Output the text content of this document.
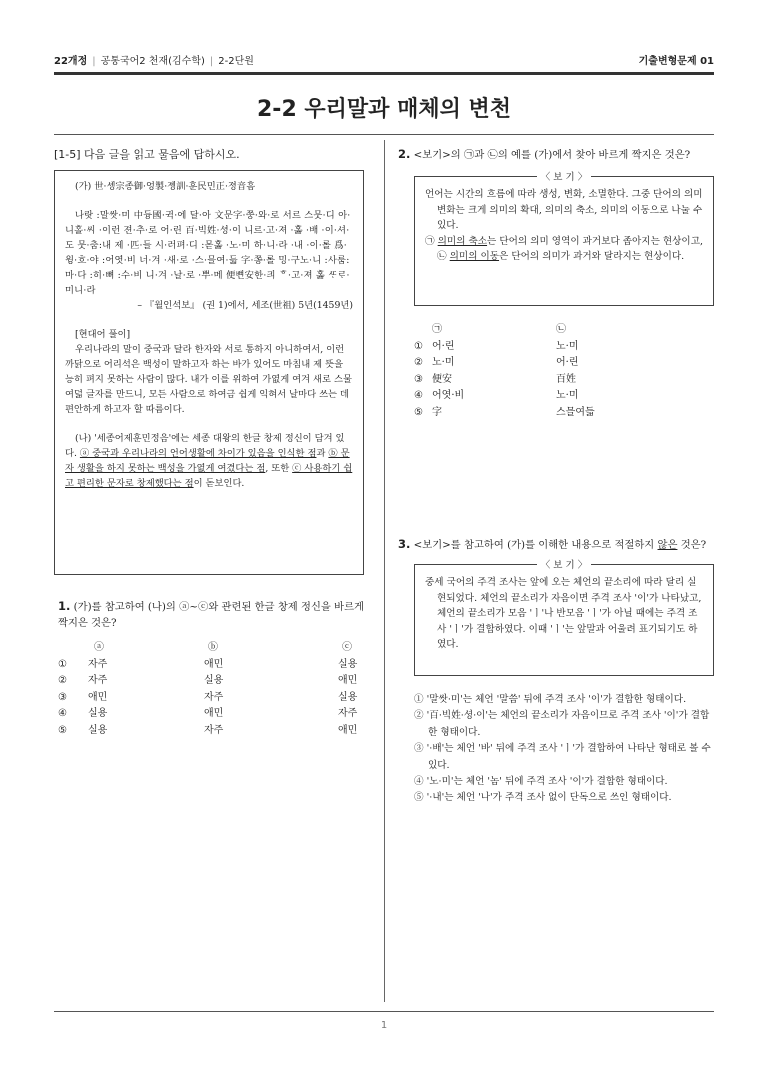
22개정 | 공통국어2 천재(김수학) | 2-2단원	기출변형문제 01
2-2 우리말과 매체의 변천
[1-5] 다음 글을 읽고 물음에 답하시오.

(가) 世·솅宗종御·엉製·졩訓·훈民민正·졍音흠

나랏 :말쌋·미 中듕國·귁·에 달·아 文문字·쭝·와·로 서르 스뭇·디 아·니홀·씨 ·이런 젼·추·로 어·린 百·빅姓·셩·이 니르·고·져 ·홇 ·배 ·이·셔·도 뭇·춤:내 제 ·匹·들 시·러펴·디 :몯홇 ·노·미 하·니·라 ·내 ·이·롤 爲·윙·흐·야 :어엿·비 너·겨 ·새·로 ·스·믈여·듧 字·쫑·롤 밍·구노·니 :사룸:마·다 :히·뼈 :수·비 니·겨 ·날·로 ·뿌·메 便뼌安한·킈 ᄒ·고·져 홇 ᄯᆞᄅᆞ·미니·라

– 『월인석보』 (권 1)에서, 세조(世祖) 5년(1459년)

[현대어 풀이]

우리나라의 말이 중국과 달라 한자와 서로 통하지 아니하여서, 이런 까닭으로 어리석은 백성이 말하고자 하는 바가 있어도 마침내 제 뜻을 능히 펴지 못하는 사람이 많다. 내가 이를 위하여 가엾게 여겨 새로 스물여덟 글자를 만드니, 모든 사람으로 하여금 쉽게 익혀서 날마다 쓰는 데 편안하게 하고자 할 따름이다.

(나) '세종어제훈민정음'에는 세종 대왕의 한글 창제 정신이 담겨 있다. ⓐ 중국과 우리나라의 언어생활에 차이가 있음을 인식한 점과 ⓑ 문자 생활을 하지 못하는 백성을 가엾게 여겼다는 점, 또한 ⓒ 사용하기 쉽고 편리한 문자로 창제했다는 점이 돋보인다.

1. (가)를 참고하여 (나)의 ⓐ~ⓒ와 관련된 한글 창제 정신을 바르게 짝지은 것은?
ⓐ	ⓑ	ⓒ
① 자주	애민	실용
② 자주	실용	애민
③ 애민	자주	실용
④ 실용	애민	자주
⑤ 실용	자주	애민
2. <보기>의 ㉠과 ㉡의 예를 (가)에서 찾아 바르게 짝지은 것은?
〈 보 기 〉

언어는 시간의 흐름에 따라 생성, 변화, 소멸한다. 그중 단어의 의미 변화는 크게 의미의 확대, 의미의 축소, 의미의 이동으로 나눌 수 있다.

㉠ 의미의 축소는 단어의 의미 영역이 과거보다 좁아지는 현상이고, ㉡ 의미의 이동은 단어의 의미가 과거와 달라지는 현상이다.

㉠	㉡
① 어·린	노·미
② 노·미	어·린
③ 便安	百姓
④ 어엿·비	노·미
⑤ 字	스믈여듧
3. <보기>를 참고하여 (가)를 이해한 내용으로 적절하지 않은 것은?
〈 보 기 〉

중세 국어의 주격 조사는 앞에 오는 체언의 끝소리에 따라 달리 실현되었다. 체언의 끝소리가 자음이면 주격 조사 '이'가 나타났고, 체언의 끝소리가 모음 'ㅣ'나 반모음 'ㅣ'가 아닐 때에는 주격 조사 'ㅣ'가 결합하였다. 이때 'ㅣ'는 앞말과 어울려 표기되기도 하였다.

① '말쌋·미'는 체언 '말씀' 뒤에 주격 조사 '이'가 결합한 형태이다.

② '百·빅姓·셩·이'는 체언의 끝소리가 자음이므로 주격 조사 '이'가 결합한 형태이다.

③ '·배'는 체언 '바' 뒤에 주격 조사 'ㅣ'가 결합하여 나타난 형태로 볼 수 있다.

④ '노·미'는 체언 '놈' 뒤에 주격 조사 '이'가 결합한 형태이다.

⑤ '·내'는 체언 '나'가 주격 조사 없이 단독으로 쓰인 형태이다.

1
